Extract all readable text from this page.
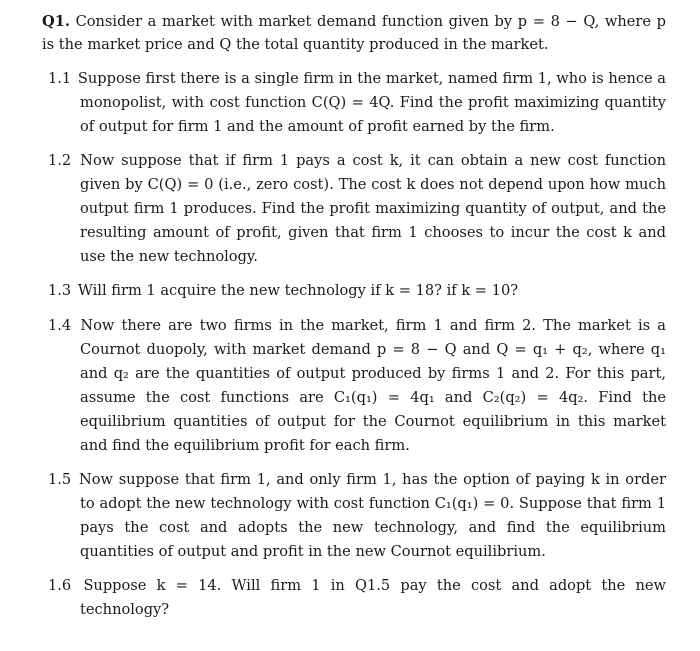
Q1. Consider a market with market demand function given by p = 8 − Q, where p is the market price and Q the total quantity produced in the market.

1.1 Suppose first there is a single firm in the market, named firm 1, who is hence a monopolist, with cost function C(Q) = 4Q. Find the profit maximizing quantity of output for firm 1 and the amount of profit earned by the firm.

1.2 Now suppose that if firm 1 pays a cost k, it can obtain a new cost function given by C(Q) = 0 (i.e., zero cost). The cost k does not depend upon how much output firm 1 produces. Find the profit maximizing quantity of output, and the resulting amount of profit, given that firm 1 chooses to incur the cost k and use the new technology.

1.3 Will firm 1 acquire the new technology if k = 18? if k = 10?

1.4 Now there are two firms in the market, firm 1 and firm 2. The market is a Cournot duopoly, with market demand p = 8 − Q and Q = q₁ + q₂, where q₁ and q₂ are the quantities of output produced by firms 1 and 2. For this part, assume the cost functions are C₁(q₁) = 4q₁ and C₂(q₂) = 4q₂. Find the equilibrium quantities of output for the Cournot equilibrium in this market and find the equilibrium profit for each firm.

1.5 Now suppose that firm 1, and only firm 1, has the option of paying k in order to adopt the new technology with cost function C₁(q₁) = 0. Suppose that firm 1 pays the cost and adopts the new technology, and find the equilibrium quantities of output and profit in the new Cournot equilibrium.

1.6 Suppose k = 14. Will firm 1 in Q1.5 pay the cost and adopt the new technology?
